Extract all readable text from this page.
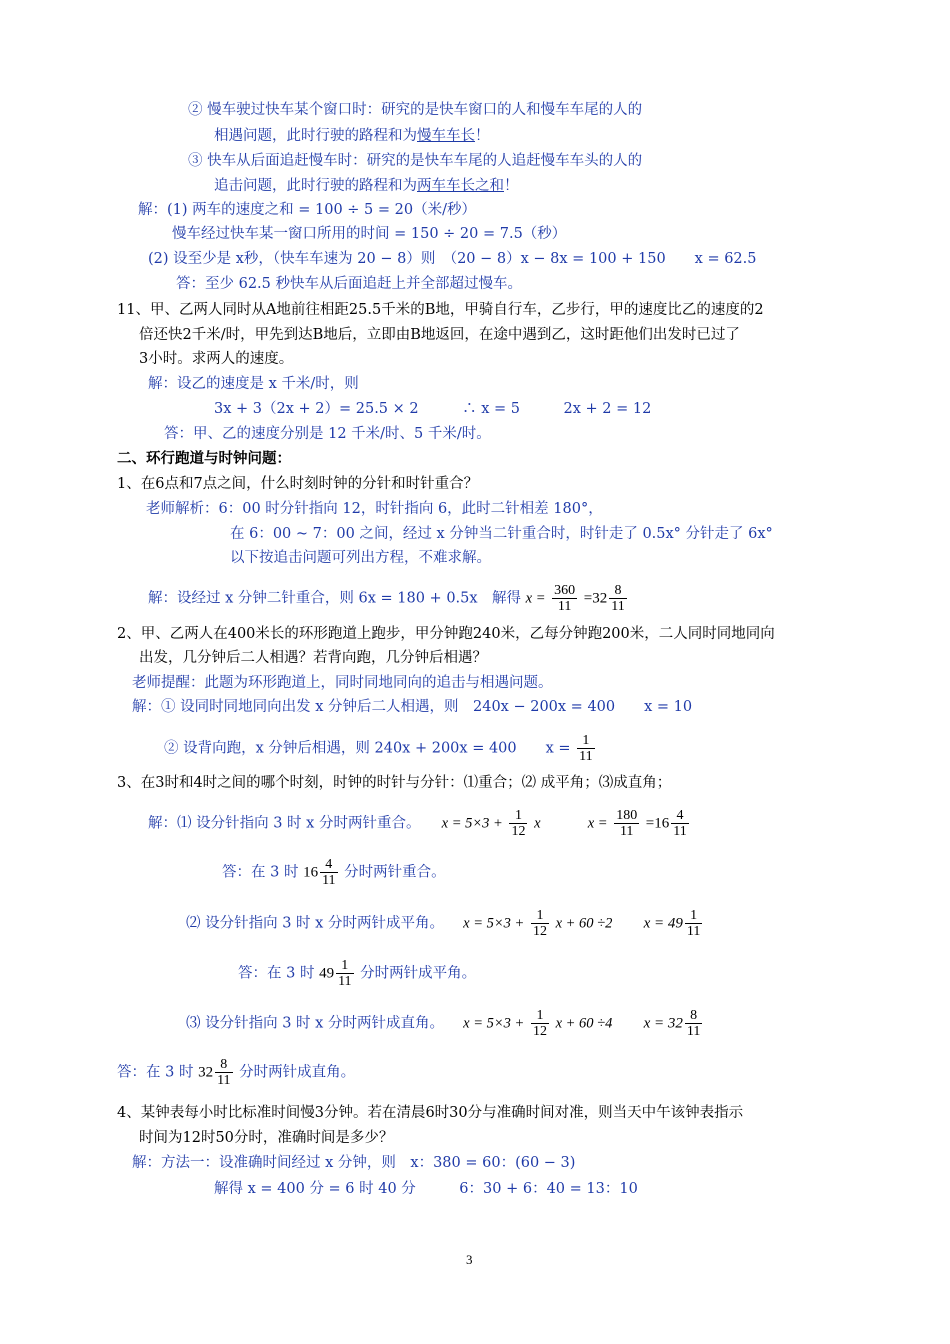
② 慢车驶过快车某个窗口时：研究的是快车窗口的人和慢车车尾的人的
相遇问题，此时行驶的路程和为慢车车长！
③ 快车从后面追赶慢车时：研究的是快车车尾的人追赶慢车车头的人的
追击问题，此时行驶的路程和为两车车长之和！
解：(1) 两车的速度之和 = 100 ÷ 5 = 20（米/秒）
慢车经过快车某一窗口所用的时间 = 150 ÷ 20 = 7.5（秒）
(2) 设至少是 x秒，（快车车速为 20 − 8）则　（20 − 8）x − 8x = 100 + 150　　x = 62.5
答：至少 62.5 秒快车从后面追赶上并全部超过慢车。
11、甲、乙两人同时从A地前往相距25.5千米的B地，甲骑自行车，乙步行，甲的速度比乙的速度的2
倍还快2千米/时，甲先到达B地后，立即由B地返回，在途中遇到乙，这时距他们出发时已过了
3小时。求两人的速度。
解：设乙的速度是 x 千米/时，则
3x + 3（2x + 2）= 25.5 × 2　　　∴ x = 5　　　2x + 2 = 12
答：甲、乙的速度分别是 12 千米/时、5 千米/时。
二、环行跑道与时钟问题：
1、在6点和7点之间，什么时刻时钟的分针和时针重合？
老师解析：6：00 时分针指向 12，时针指向 6，此时二针相差 180°，
在 6：00 ~ 7：00 之间，经过 x 分钟当二针重合时，时针走了 0.5x° 分针走了 6x°
以下按追击问题可列出方程，不难求解。
解：设经过 x 分钟二针重合，则 6x = 180 + 0.5x　解得 $x = \frac{360}{11} =32 \frac{8}{11}$
2、甲、乙两人在400米长的环形跑道上跑步，甲分钟跑240米，乙每分钟跑200米，二人同时同地同向
出发，几分钟后二人相遇？若背向跑，几分钟后相遇？
老师提醒：此题为环形跑道上，同时同地同向的追击与相遇问题。
解：① 设同时同地同向出发 x 分钟后二人相遇，则　240x − 200x = 400　　x = 10
② 设背向跑，x 分钟后相遇，则 240x + 200x = 400　　$x = \frac{1}{11}$
3、在3时和4时之间的哪个时刻，时钟的时针与分针：⑴重合；⑵ 成平角；⑶成直角；
解：⑴ 设分针指向 3 时 x 分时两针重合。 $x = 5\times 3 + \frac{1}{12}$ x	$x = \frac{180}{11} =16 \frac{4}{11}$
答：在 3 时 $16 \frac{4}{11}$ 分时两针重合。
⑵ 设分针指向 3 时 x 分时两针成平角。 $x = 5\times 3 + \frac{1}{12}$ x + 60 ÷2 $x = 49 \frac{1}{11}$
答：在 3 时 $49 \frac{1}{11}$ 分时两针成平角。
⑶ 设分针指向 3 时 x 分时两针成直角。 $x = 5\times 3 + \frac{1}{12}$ x + 60 ÷4 $x = 32 \frac{8}{11}$
答：在 3 时 $32 \frac{8}{11}$ 分时两针成直角。
4、某钟表每小时比标准时间慢3分钟。若在清晨6时30分与准确时间对准，则当天中午该钟表指示
时间为12时50分时，准确时间是多少？
解：方法一：设准确时间经过 x 分钟，则　x：380 = 60：(60 − 3)
解得 x = 400 分 = 6 时 40 分　　　6：30 + 6：40 = 13：10
3
